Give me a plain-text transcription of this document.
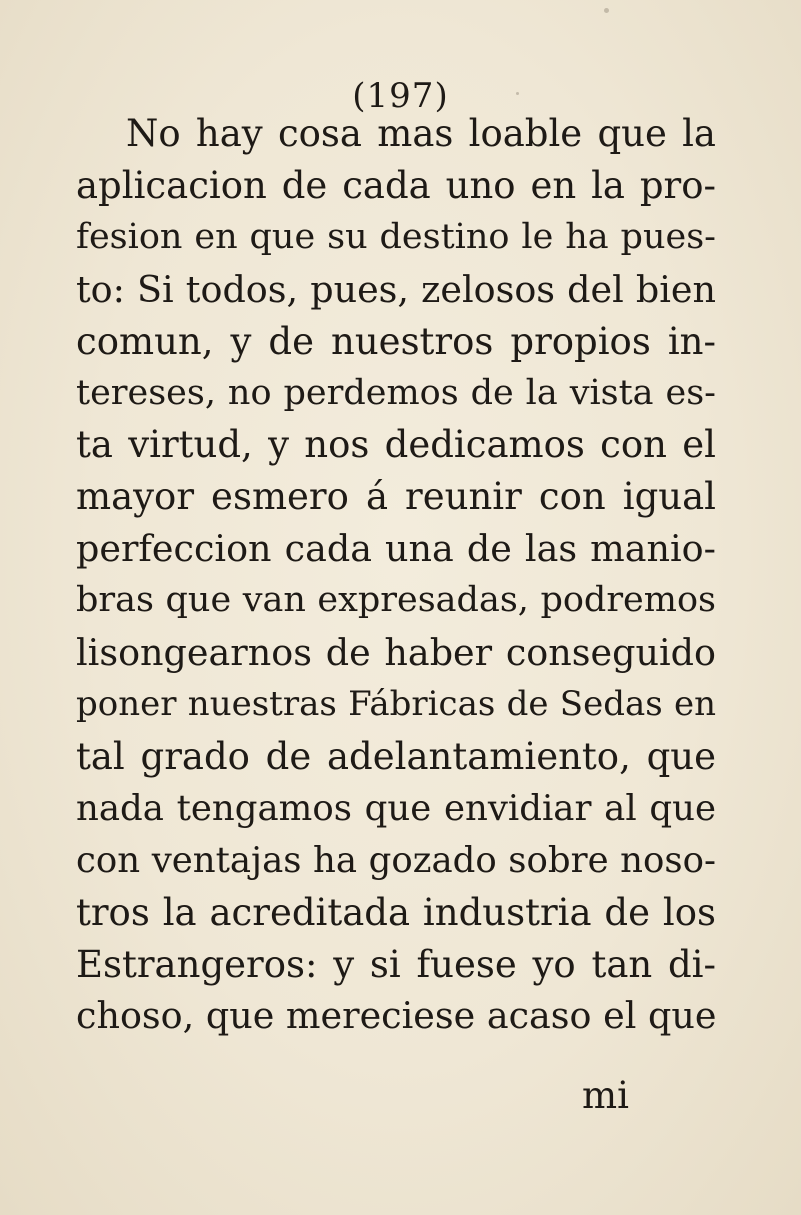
(197)
No hay cosa mas loable que la
aplicacion de cada uno en la pro-
fesion en que su destino le ha pues-
to: Si todos, pues, zelosos del bien
comun, y de nuestros propios in-
tereses, no perdemos de la vista es-
ta virtud, y nos dedicamos con el
mayor esmero á reunir con igual
perfeccion cada una de las manio-
bras que van expresadas, podremos
lisongearnos de haber conseguido
poner nuestras Fábricas de Sedas en
tal grado de adelantamiento, que
nada tengamos que envidiar al que
con ventajas ha gozado sobre noso-
tros la acreditada industria de los
Estrangeros: y si fuese yo tan di-
choso, que mereciese acaso el que
mi
